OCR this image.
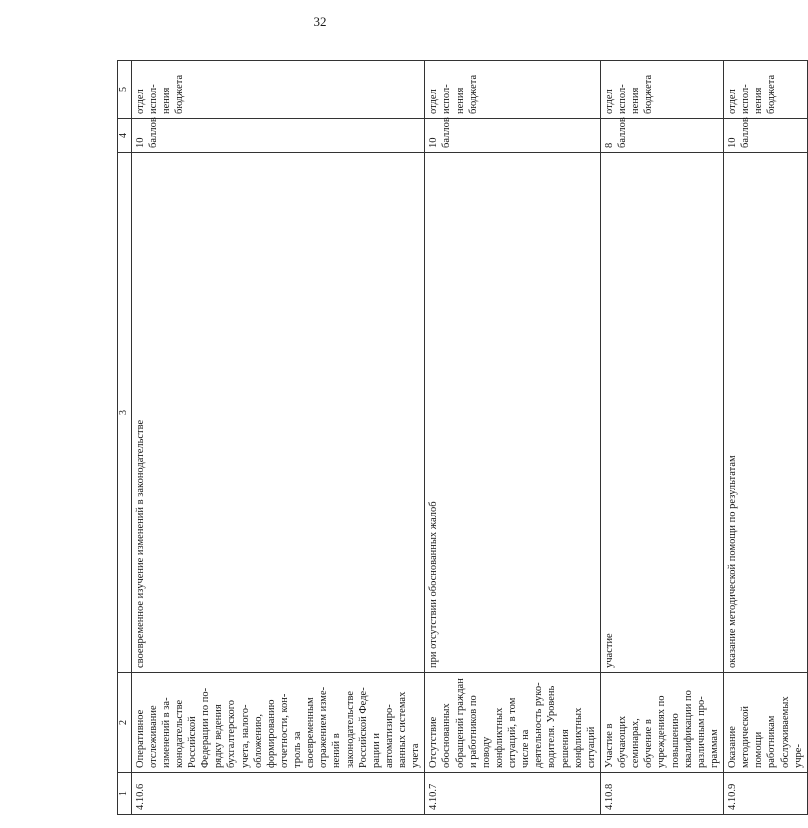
32
1	2	3	4	5
4.10.6	Оперативное отслеживание изменений в законодательстве Российской Федерации по порядку ведения бухгалтерского учета, налогообложению, формированию отчетности, контроль за своевременным отражением изменений в законодательстве Российской Федерации и автоматизированных системах учета	своевременное изучение изменений в законодательстве	10 баллов	отдел исполнения бюджета
4.10.7	Отсутствие обоснованных обращений граждан и работников по поводу конфликтных ситуаций, в том числе на деятельность руководителя. Уровень решения конфликтных ситуаций	при отсутствии обоснованных жалоб	10 баллов	отдел исполнения бюджета
4.10.8	Участие в обучающих семинарах, обучение в учреждениях по повышению квалификации по различным программам	участие	8 баллов	отдел исполнения бюджета
4.10.9	Оказание методической помощи работникам обслуживаемых учре-	оказание методической помощи по результатам	10 баллов	отдел исполнения бюджета
